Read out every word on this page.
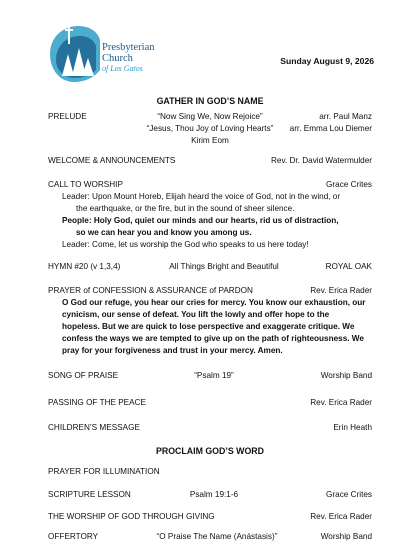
Presbyterian
Church
of Los Gatos
Sunday August 9, 2026
GATHER IN GOD’S NAME
PRELUDE	“Now Sing We, Now Rejoice”	arr. Paul Manz
“Jesus, Thou Joy of Loving Hearts”	arr. Emma Lou Diemer
Kirim Eom
WELCOME & ANNOUNCEMENTS	Rev. Dr. David Watermulder
CALL TO WORSHIP	Grace Crites
Leader: Upon Mount Horeb, Elijah heard the voice of God, not in the wind, or
the earthquake, or the fire, but in the sound of sheer silence.
People: Holy God, quiet our minds and our hearts, rid us of distraction,
so we can hear you and know you among us.
Leader: Come, let us worship the God who speaks to us here today!
HYMN #20 (v 1,3,4)	All Things Bright and Beautiful	ROYAL OAK
PRAYER of CONFESSION & ASSURANCE of PARDON	Rev. Erica Rader
O God our refuge, you hear our cries for mercy. You know our exhaustion, our
cynicism, our sense of defeat. You lift the lowly and offer hope to the
hopeless. But we are quick to lose perspective and exaggerate critique. We
confess the ways we are tempted to give up on the path of righteousness. We
pray for your forgiveness and trust in your mercy. Amen.
SONG OF PRAISE	“Psalm 19”	Worship Band
PASSING OF THE PEACE	Rev. Erica Rader
CHILDREN’S MESSAGE	Erin Heath
PROCLAIM GOD’S WORD
PRAYER FOR ILLUMINATION
SCRIPTURE LESSON	Psalm 19:1-6	Grace Crites
THE WORSHIP OF GOD THROUGH GIVING	Rev. Erica Rader
OFFERTORY	“O Praise The Name (Anástasis)”	Worship Band
